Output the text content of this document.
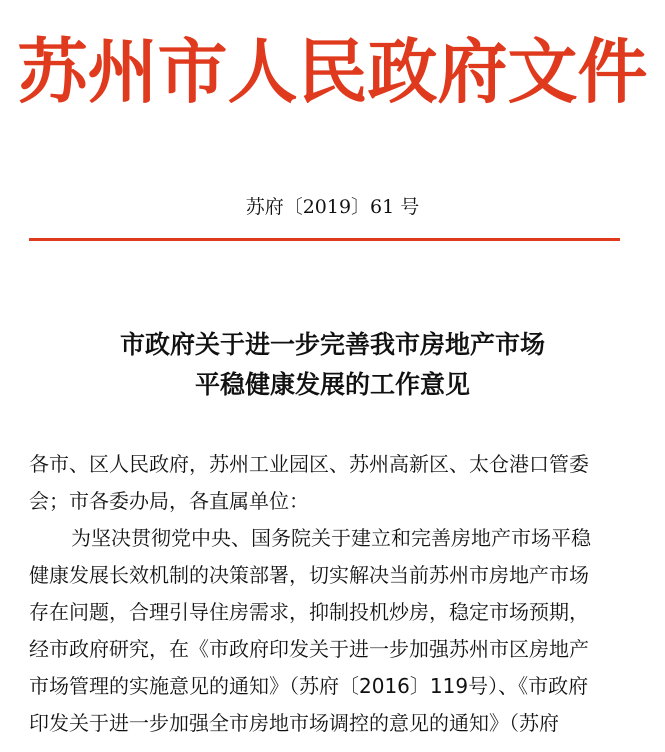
苏州市人民政府文件
苏府〔2019〕61 号
市政府关于进一步完善我市房地产市场
平稳健康发展的工作意见
各市、区人民政府，苏州工业园区、苏州高新区、太仓港口管委
会；市各委办局，各直属单位：
为坚决贯彻党中央、国务院关于建立和完善房地产市场平稳
健康发展长效机制的决策部署，切实解决当前苏州市房地产市场
存在问题，合理引导住房需求，抑制投机炒房，稳定市场预期，
经市政府研究，在《市政府印发关于进一步加强苏州市区房地产
市场管理的实施意见的通知》（苏府〔2016〕119号）、《市政府
印发关于进一步加强全市房地市场调控的意见的通知》（苏府
